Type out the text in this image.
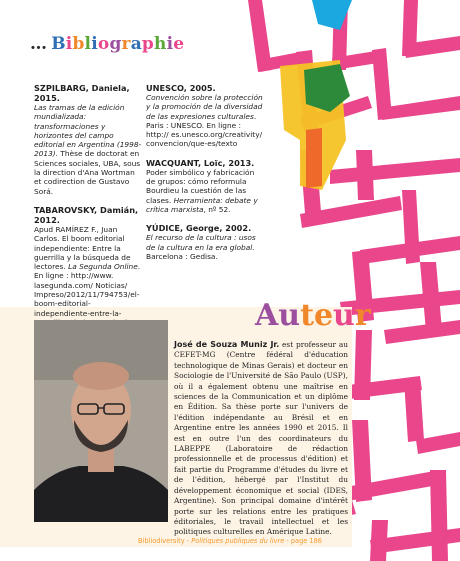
… Bibliographie
SZPILBARG, Daniela, 2015.
Las tramas de la edición mundializada: transformaciones y horizontes del campo editorial en Argentina (1998-2013). Thèse de doctorat en Sciences sociales, UBA, sous la direction d'Ana Wortman et codirection de Gustavo Sorá.
TABAROVSKY, Damián, 2012.
Apud RAMÍREZ F., Juan Carlos. El boom editorial independiente: Entre la guerrilla y la búsqueda de lectores. La Segunda Online. En ligne : http://www. lasegunda.com/ Noticias/ Impreso/2012/11/794753/el-boom-editorial-independiente-entre-la-
UNESCO, 2005.
Convención sobre la protección y la promoción de la diversidad de las expresiones culturales. Paris : UNESCO. En ligne : http:// es.unesco.org/creativity/ convencion/que-es/texto
WACQUANT, Loïc, 2013.
Poder simbólico y fabricación de grupos: cómo reformula Bourdieu la cuestión de las clases. Herramienta: debate y crítica marxista, nº 52.
YÚDICE, George, 2002.
El recurso de la cultura : usos de la cultura en la era global. Barcelona : Gedisa.
Auteur
José de Souza Muniz Jr. est professeur au CEFET-MG (Centre fédéral d'éducation technologique de Minas Gerais) et docteur en Sociologie de l'Université de São Paulo (USP), où il a également obtenu une maîtrise en sciences de la Communication et un diplôme en Édition. Sa thèse porte sur l'univers de l'édition indépendante au Brésil et en Argentine entre les années 1990 et 2015. Il est en outre l'un des coordinateurs du LABEPPE (Laboratoire de rédaction professionnelle et de processus d'édition) et fait partie du Programme d'études du livre et de l'édition, hébergé par l'Institut du développement économique et social (IDES, Argentine). Son principal domaine d'intérêt porte sur les relations entre les pratiques éditoriales, le travail intellectuel et les politiques culturelles en Amérique Latine.
Bibliodiversity - Politiques publiques du livre - page 186
